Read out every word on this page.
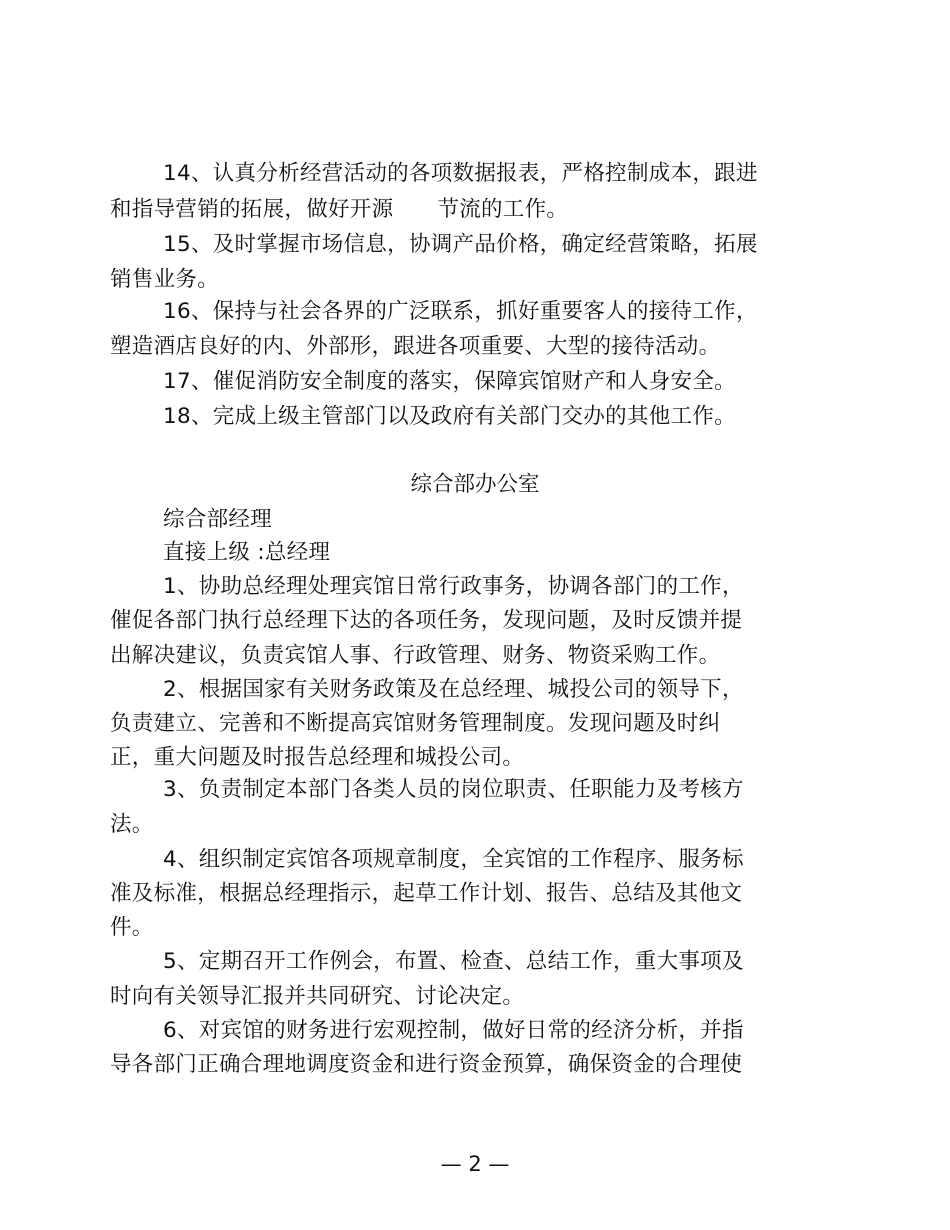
14、认真分析经营活动的各项数据报表，严格控制成本，跟进
和指导营销的拓展，做好开源 节流的工作。
15、及时掌握市场信息，协调产品价格，确定经营策略，拓展
销售业务。
16、保持与社会各界的广泛联系，抓好重要客人的接待工作，
塑造酒店良好的内、外部形，跟进各项重要、大型的接待活动。
17、催促消防安全制度的落实，保障宾馆财产和人身安全。
18、完成上级主管部门以及政府有关部门交办的其他工作。
综合部办公室
综合部经理
直接上级 :总经理
1、协助总经理处理宾馆日常行政事务，协调各部门的工作，
催促各部门执行总经理下达的各项任务，发现问题，及时反馈并提
出解决建议，负责宾馆人事、行政管理、财务、物资采购工作。
2、根据国家有关财务政策及在总经理、城投公司的领导下，
负责建立、完善和不断提高宾馆财务管理制度。发现问题及时纠
正，重大问题及时报告总经理和城投公司。
3、负责制定本部门各类人员的岗位职责、任职能力及考核方
法。
4、组织制定宾馆各项规章制度，全宾馆的工作程序、服务标
准及标准，根据总经理指示，起草工作计划、报告、总结及其他文
件。
5、定期召开工作例会，布置、检查、总结工作，重大事项及
时向有关领导汇报并共同研究、讨论决定。
6、对宾馆的财务进行宏观控制，做好日常的经济分析，并指
导各部门正确合理地调度资金和进行资金预算，确保资金的合理使
— 2 —
